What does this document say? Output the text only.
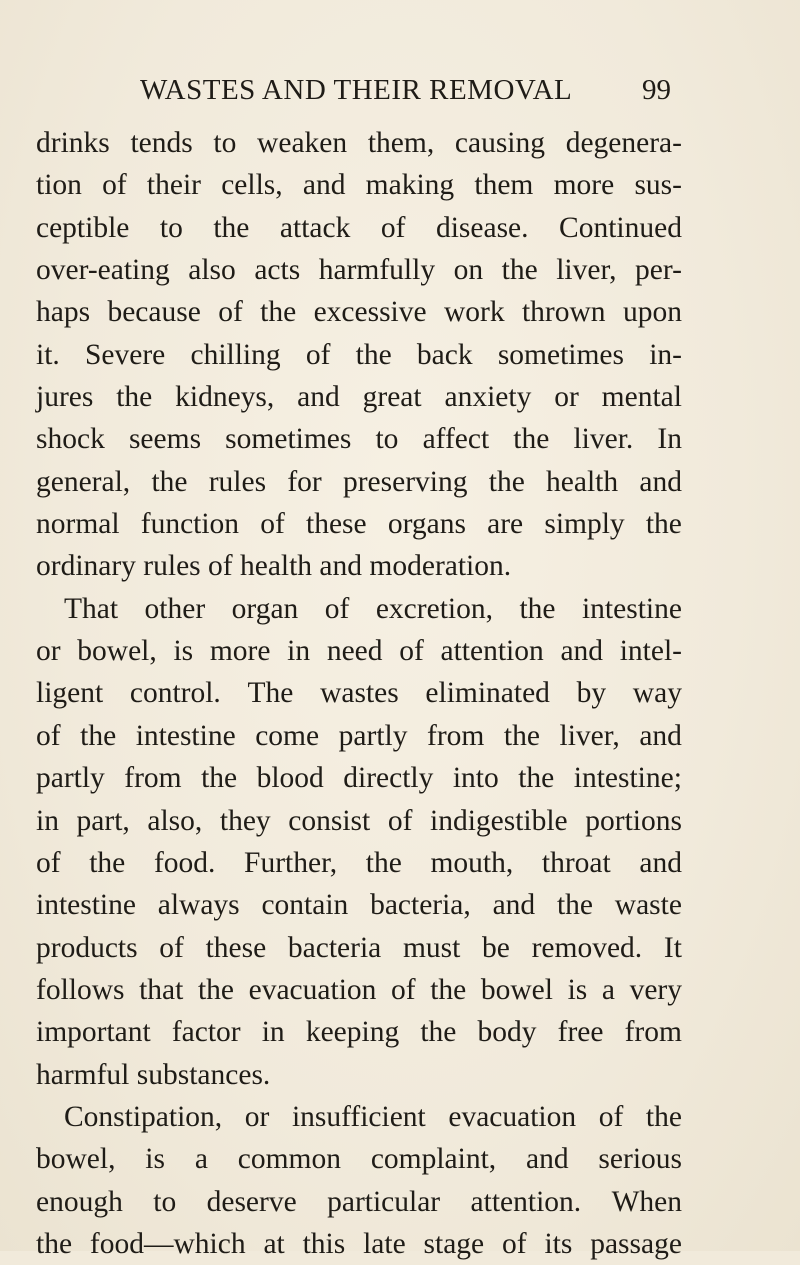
WASTES AND THEIR REMOVAL 99
drinks tends to weaken them, causing degenera-
tion of their cells, and making them more sus-
ceptible to the attack of disease. Continued
over-eating also acts harmfully on the liver, per-
haps because of the excessive work thrown upon
it. Severe chilling of the back sometimes in-
jures the kidneys, and great anxiety or mental
shock seems sometimes to affect the liver. In
general, the rules for preserving the health and
normal function of these organs are simply the
ordinary rules of health and moderation.
That other organ of excretion, the intestine
or bowel, is more in need of attention and intel-
ligent control. The wastes eliminated by way
of the intestine come partly from the liver, and
partly from the blood directly into the intestine;
in part, also, they consist of indigestible portions
of the food. Further, the mouth, throat and
intestine always contain bacteria, and the waste
products of these bacteria must be removed. It
follows that the evacuation of the bowel is a very
important factor in keeping the body free from
harmful substances.
Constipation, or insufficient evacuation of the
bowel, is a common complaint, and serious
enough to deserve particular attention. When
the food—which at this late stage of its passage
